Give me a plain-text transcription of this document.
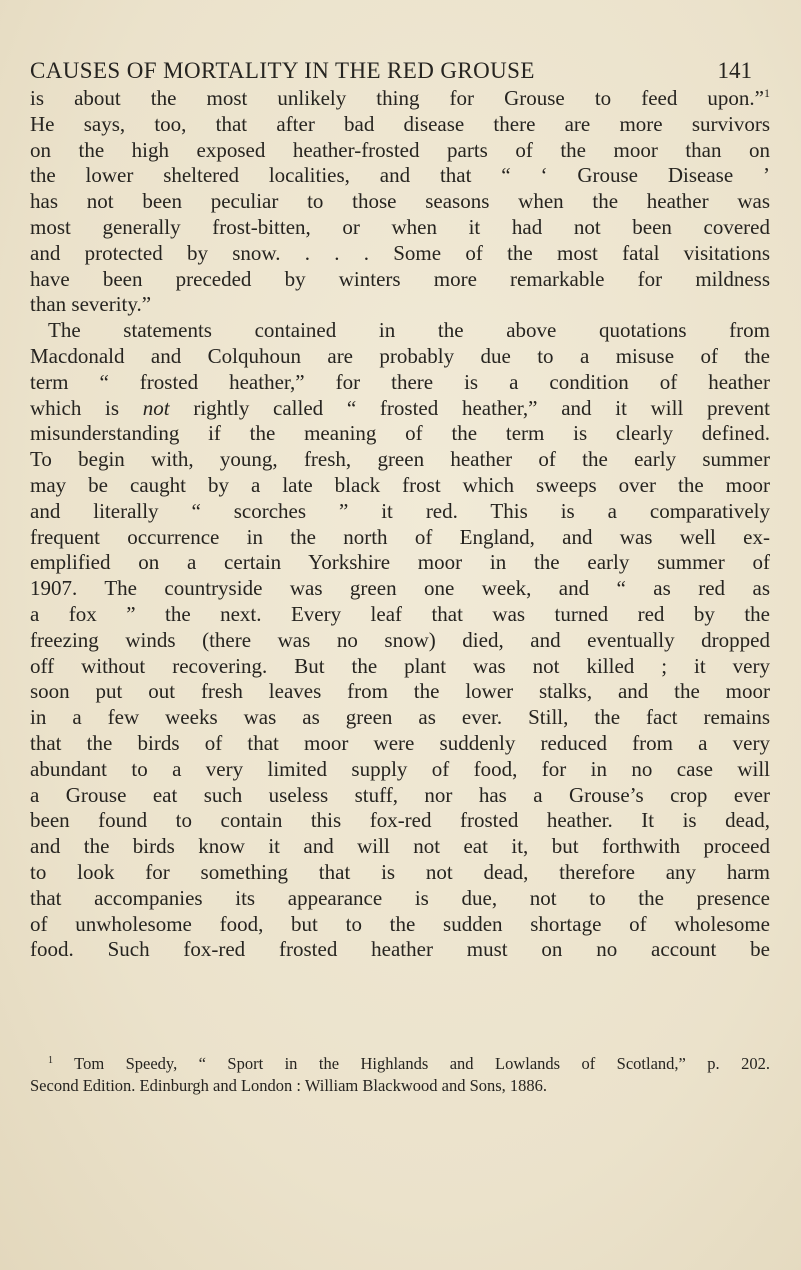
CAUSES OF MORTALITY IN THE RED GROUSE	141
is about the most unlikely thing for Grouse to feed upon.”$^1$
He says, too, that after bad disease there are more survivors
on the high exposed heather-frosted parts of the moor than on
the lower sheltered localities, and that “ ‘ Grouse Disease ’
has not been peculiar to those seasons when the heather was
most generally frost-bitten, or when it had not been covered
and protected by snow. . . . Some of the most fatal visitations
have been preceded by winters more remarkable for mildness
than severity.”
The statements contained in the above quotations from
Macdonald and Colquhoun are probably due to a misuse of the
term “ frosted heather,” for there is a condition of heather
which is not rightly called “ frosted heather,” and it will prevent
misunderstanding if the meaning of the term is clearly defined.
To begin with, young, fresh, green heather of the early summer
may be caught by a late black frost which sweeps over the moor
and literally “ scorches ” it red. This is a comparatively
frequent occurrence in the north of England, and was well ex-
emplified on a certain Yorkshire moor in the early summer of
1907. The countryside was green one week, and “ as red as
a fox ” the next. Every leaf that was turned red by the
freezing winds (there was no snow) died, and eventually dropped
off without recovering. But the plant was not killed ; it very
soon put out fresh leaves from the lower stalks, and the moor
in a few weeks was as green as ever. Still, the fact remains
that the birds of that moor were suddenly reduced from a very
abundant to a very limited supply of food, for in no case will
a Grouse eat such useless stuff, nor has a Grouse’s crop ever
been found to contain this fox-red frosted heather. It is dead,
and the birds know it and will not eat it, but forthwith proceed
to look for something that is not dead, therefore any harm
that accompanies its appearance is due, not to the presence
of unwholesome food, but to the sudden shortage of wholesome
food. Such fox-red frosted heather must on no account be
$^1$ Tom Speedy, “ Sport in the Highlands and Lowlands of Scotland,” p. 202.
Second Edition. Edinburgh and London : William Blackwood and Sons, 1886.
